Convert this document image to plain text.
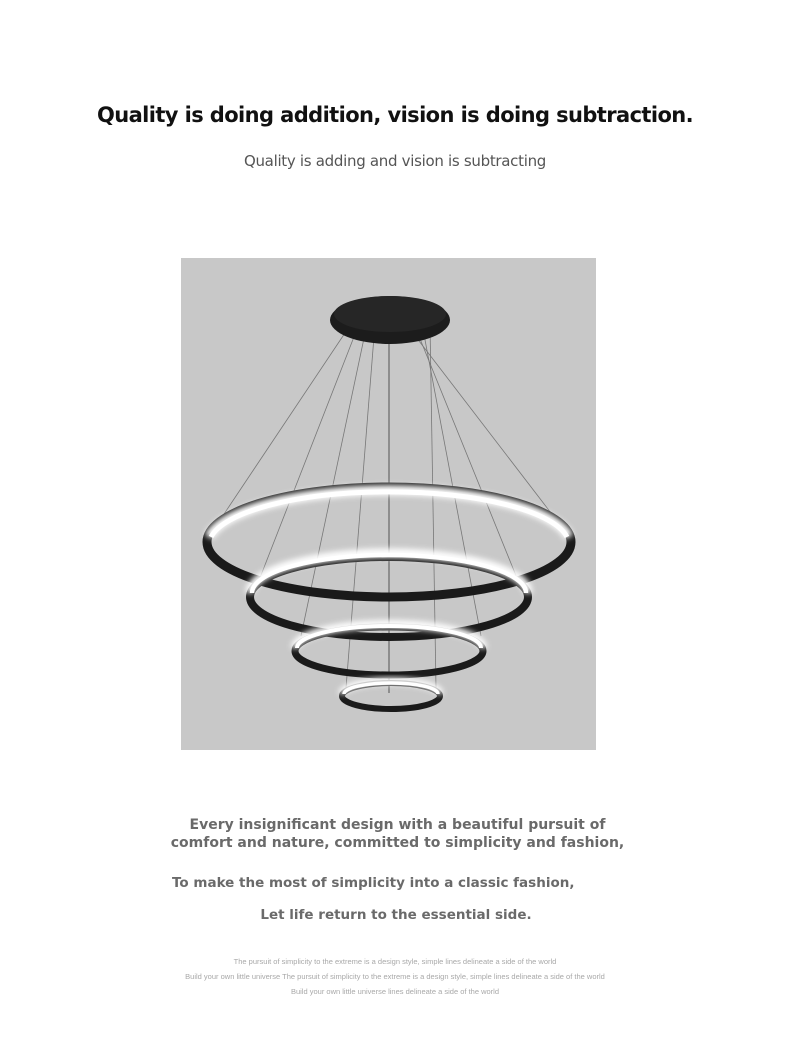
Quality is doing addition, vision is doing subtraction.
Quality is adding and vision is subtracting
Every insignificant design with a beautiful pursuit of
comfort and nature, committed to simplicity and fashion,
To make the most of simplicity into a classic fashion,
Let life return to the essential side.
The pursuit of simplicity to the extreme is a design style, simple lines delineate a side of the world
Build your own little universe The pursuit of simplicity to the extreme is a design style, simple lines delineate a side of the world
Build your own little universe lines delineate a side of the world
